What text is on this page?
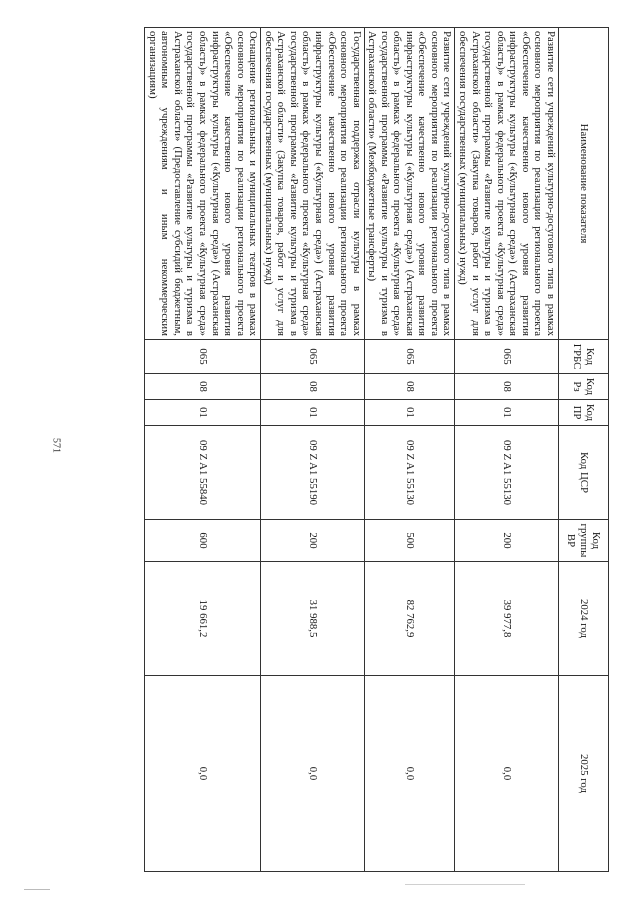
571
Наименование показателя	Код ГРБС	Код Рз	Код ПР	Код ЦСР	Код группы ВР	2024 год	2025 год
Развитие сети учреждений культурно-досугового типа в рамках основного мероприятия по реализации регионального проекта «Обеспечение качественно нового уровня развития инфраструктуры культуры («Культурная среда») (Астраханская область)» в рамках федерального проекта «Культурная среда» государственной программы «Развитие культуры и туризма в Астраханской области» (Закупка товаров, работ и услуг для обеспечения государственных (муниципальных) нужд)	065	08	01	09 Z A1 55130	200	39 977,8	0,0
Развитие сети учреждений культурно-досугового типа в рамках основного мероприятия по реализации регионального проекта «Обеспечение качественно нового уровня развития инфраструктуры культуры («Культурная среда») (Астраханская область)» в рамках федерального проекта «Культурная среда» государственной программы «Развитие культуры и туризма в Астраханской области» (Межбюджетные трансферты)	065	08	01	09 Z A1 55130	500	82 762,9	0,0
Государственная поддержка отрасли культуры в рамках основного мероприятия по реализации регионального проекта «Обеспечение качественно нового уровня развития инфраструктуры культуры («Культурная среда») (Астраханская область)» в рамках федерального проекта «Культурная среда» государственной программы «Развитие культуры и туризма в Астраханской области» (Закупка товаров, работ и услуг для обеспечения государственных (муниципальных) нужд)	065	08	01	09 Z A1 55190	200	31 988,5	0,0
Оснащение региональных и муниципальных театров в рамках основного мероприятия по реализации регионального проекта «Обеспечение качественно нового уровня развития инфраструктуры культуры («Культурная среда») (Астраханская область)» в рамках федерального проекта «Культурная среда» государственной программы «Развитие культуры и туризма в Астраханской области» (Предоставление субсидий бюджетным, автономным учреждениям и иным некоммерческим организациям)	065	08	01	09 Z A1 55840	600	19 661,2	0,0
